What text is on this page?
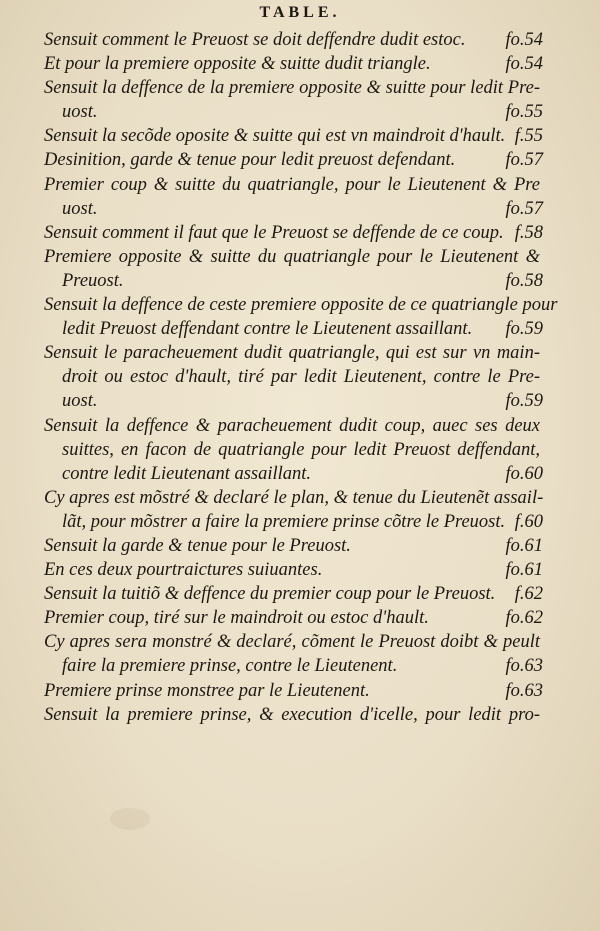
TABLE.
Sensuit comment le Preuost se doit deffendre dudit estoc. fo.54
Et pour la premiere opposite & suitte dudit triangle.	fo.54
Sensuit la deffence de la premiere opposite & suitte pour ledit Pre-
uost.	fo.55
Sensuit la secõde oposite & suitte qui est vn maindroit d'hault. f.55
Desinition, garde & tenue pour ledit preuost defendant.	fo.57
Premier coup & suitte du quatriangle, pour le Lieutenent & Pre
uost.	fo.57
Sensuit comment il faut que le Preuost se deffende de ce coup. f.58
Premiere opposite & suitte du quatriangle pour le Lieutenent &
Preuost.	fo.58
Sensuit la deffence de ceste premiere opposite de ce quatriangle pour
ledit Preuost deffendant contre le Lieutenent assaillant. fo.59
Sensuit le paracheuement dudit quatriangle, qui est sur vn main-
droit ou estoc d'hault, tiré par ledit Lieutenent, contre le Pre-
uost.	fo.59
Sensuit la deffence & paracheuement dudit coup, auec ses deux
suittes, en facon de quatriangle pour ledit Preuost deffendant,
contre ledit Lieutenant assaillant.	fo.60
Cy apres est mõstré & declaré le plan, & tenue du Lieutenẽt assail-
lãt, pour mõstrer a faire la premiere prinse cõtre le Preuost. f.60
Sensuit la garde & tenue pour le Preuost.	fo.61
En ces deux pourtraictures suiuantes.	fo.61
Sensuit la tuitiõ & deffence du premier coup pour le Preuost. f.62
Premier coup, tiré sur le maindroit ou estoc d'hault.	fo.62
Cy apres sera monstré & declaré, cõment le Preuost doibt & peult
faire la premiere prinse, contre le Lieutenent.	fo.63
Premiere prinse monstree par le Lieutenent.	fo.63
Sensuit la premiere prinse, & execution d'icelle, pour ledit pro-
